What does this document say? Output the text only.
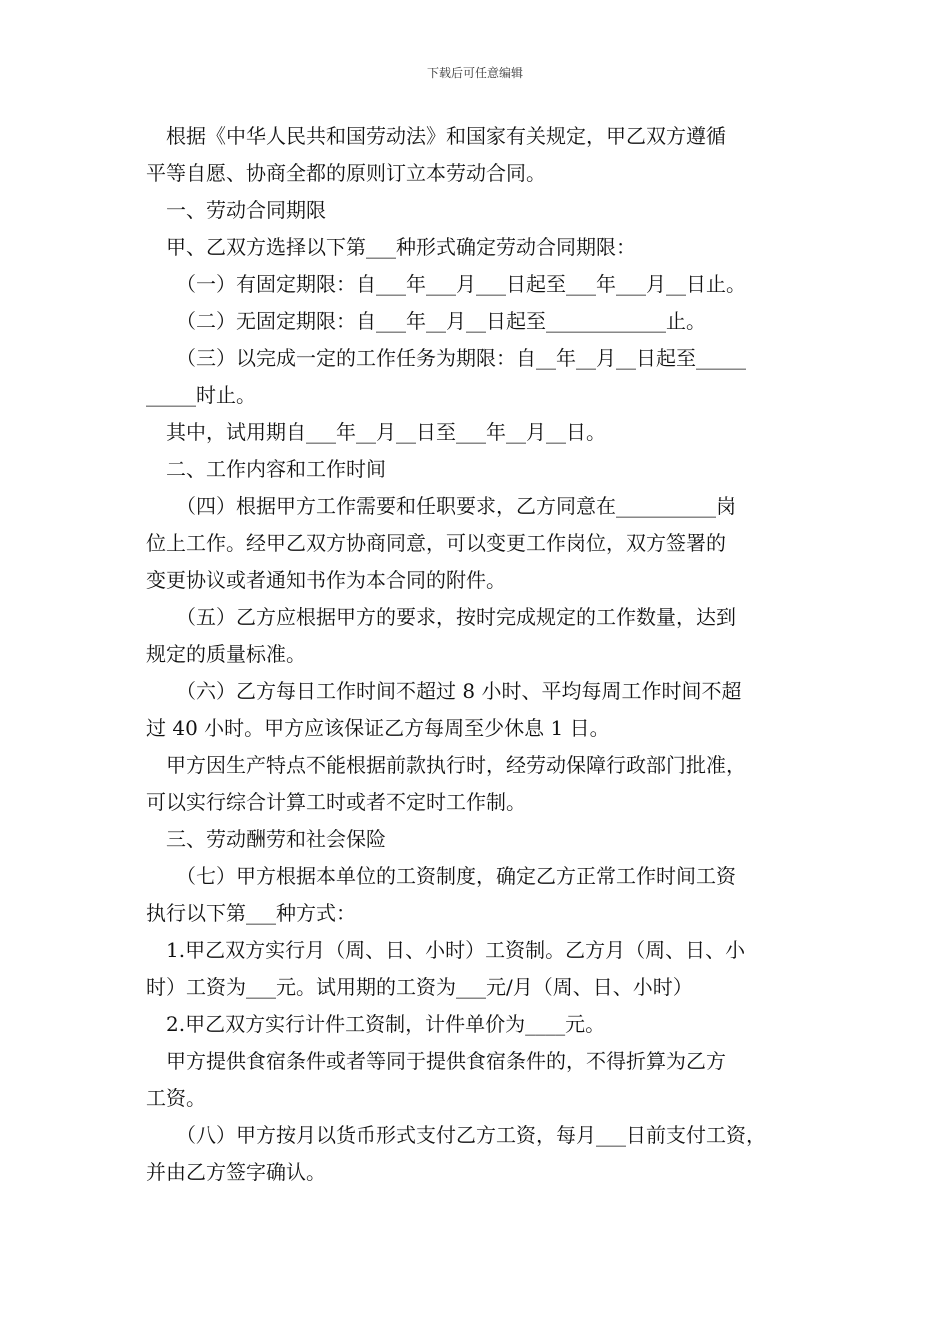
下载后可任意编辑
根据《中华人民共和国劳动法》和国家有关规定，甲乙双方遵循
平等自愿、协商全都的原则订立本劳动合同。
一、劳动合同期限
甲、乙双方选择以下第___种形式确定劳动合同期限：
（一）有固定期限：自___年___月___日起至___年___月__日止。
（二）无固定期限：自___年__月__日起至____________止。
（三）以完成一定的工作任务为期限：自__年__月__日起至_____
_____时止。
其中，试用期自___年__月__日至___年__月__日。
二、工作内容和工作时间
（四）根据甲方工作需要和任职要求，乙方同意在__________岗
位上工作。经甲乙双方协商同意，可以变更工作岗位，双方签署的
变更协议或者通知书作为本合同的附件。
（五）乙方应根据甲方的要求，按时完成规定的工作数量，达到
规定的质量标准。
（六）乙方每日工作时间不超过 8 小时、平均每周工作时间不超
过 40 小时。甲方应该保证乙方每周至少休息 1 日。
甲方因生产特点不能根据前款执行时，经劳动保障行政部门批准，
可以实行综合计算工时或者不定时工作制。
三、劳动酬劳和社会保险
（七）甲方根据本单位的工资制度，确定乙方正常工作时间工资
执行以下第___种方式：
1.甲乙双方实行月（周、日、小时）工资制。乙方月（周、日、小
时）工资为___元。试用期的工资为___元/月（周、日、小时）
2.甲乙双方实行计件工资制，计件单价为____元。
甲方提供食宿条件或者等同于提供食宿条件的，不得折算为乙方
工资。
（八）甲方按月以货币形式支付乙方工资，每月___日前支付工资，
并由乙方签字确认。
